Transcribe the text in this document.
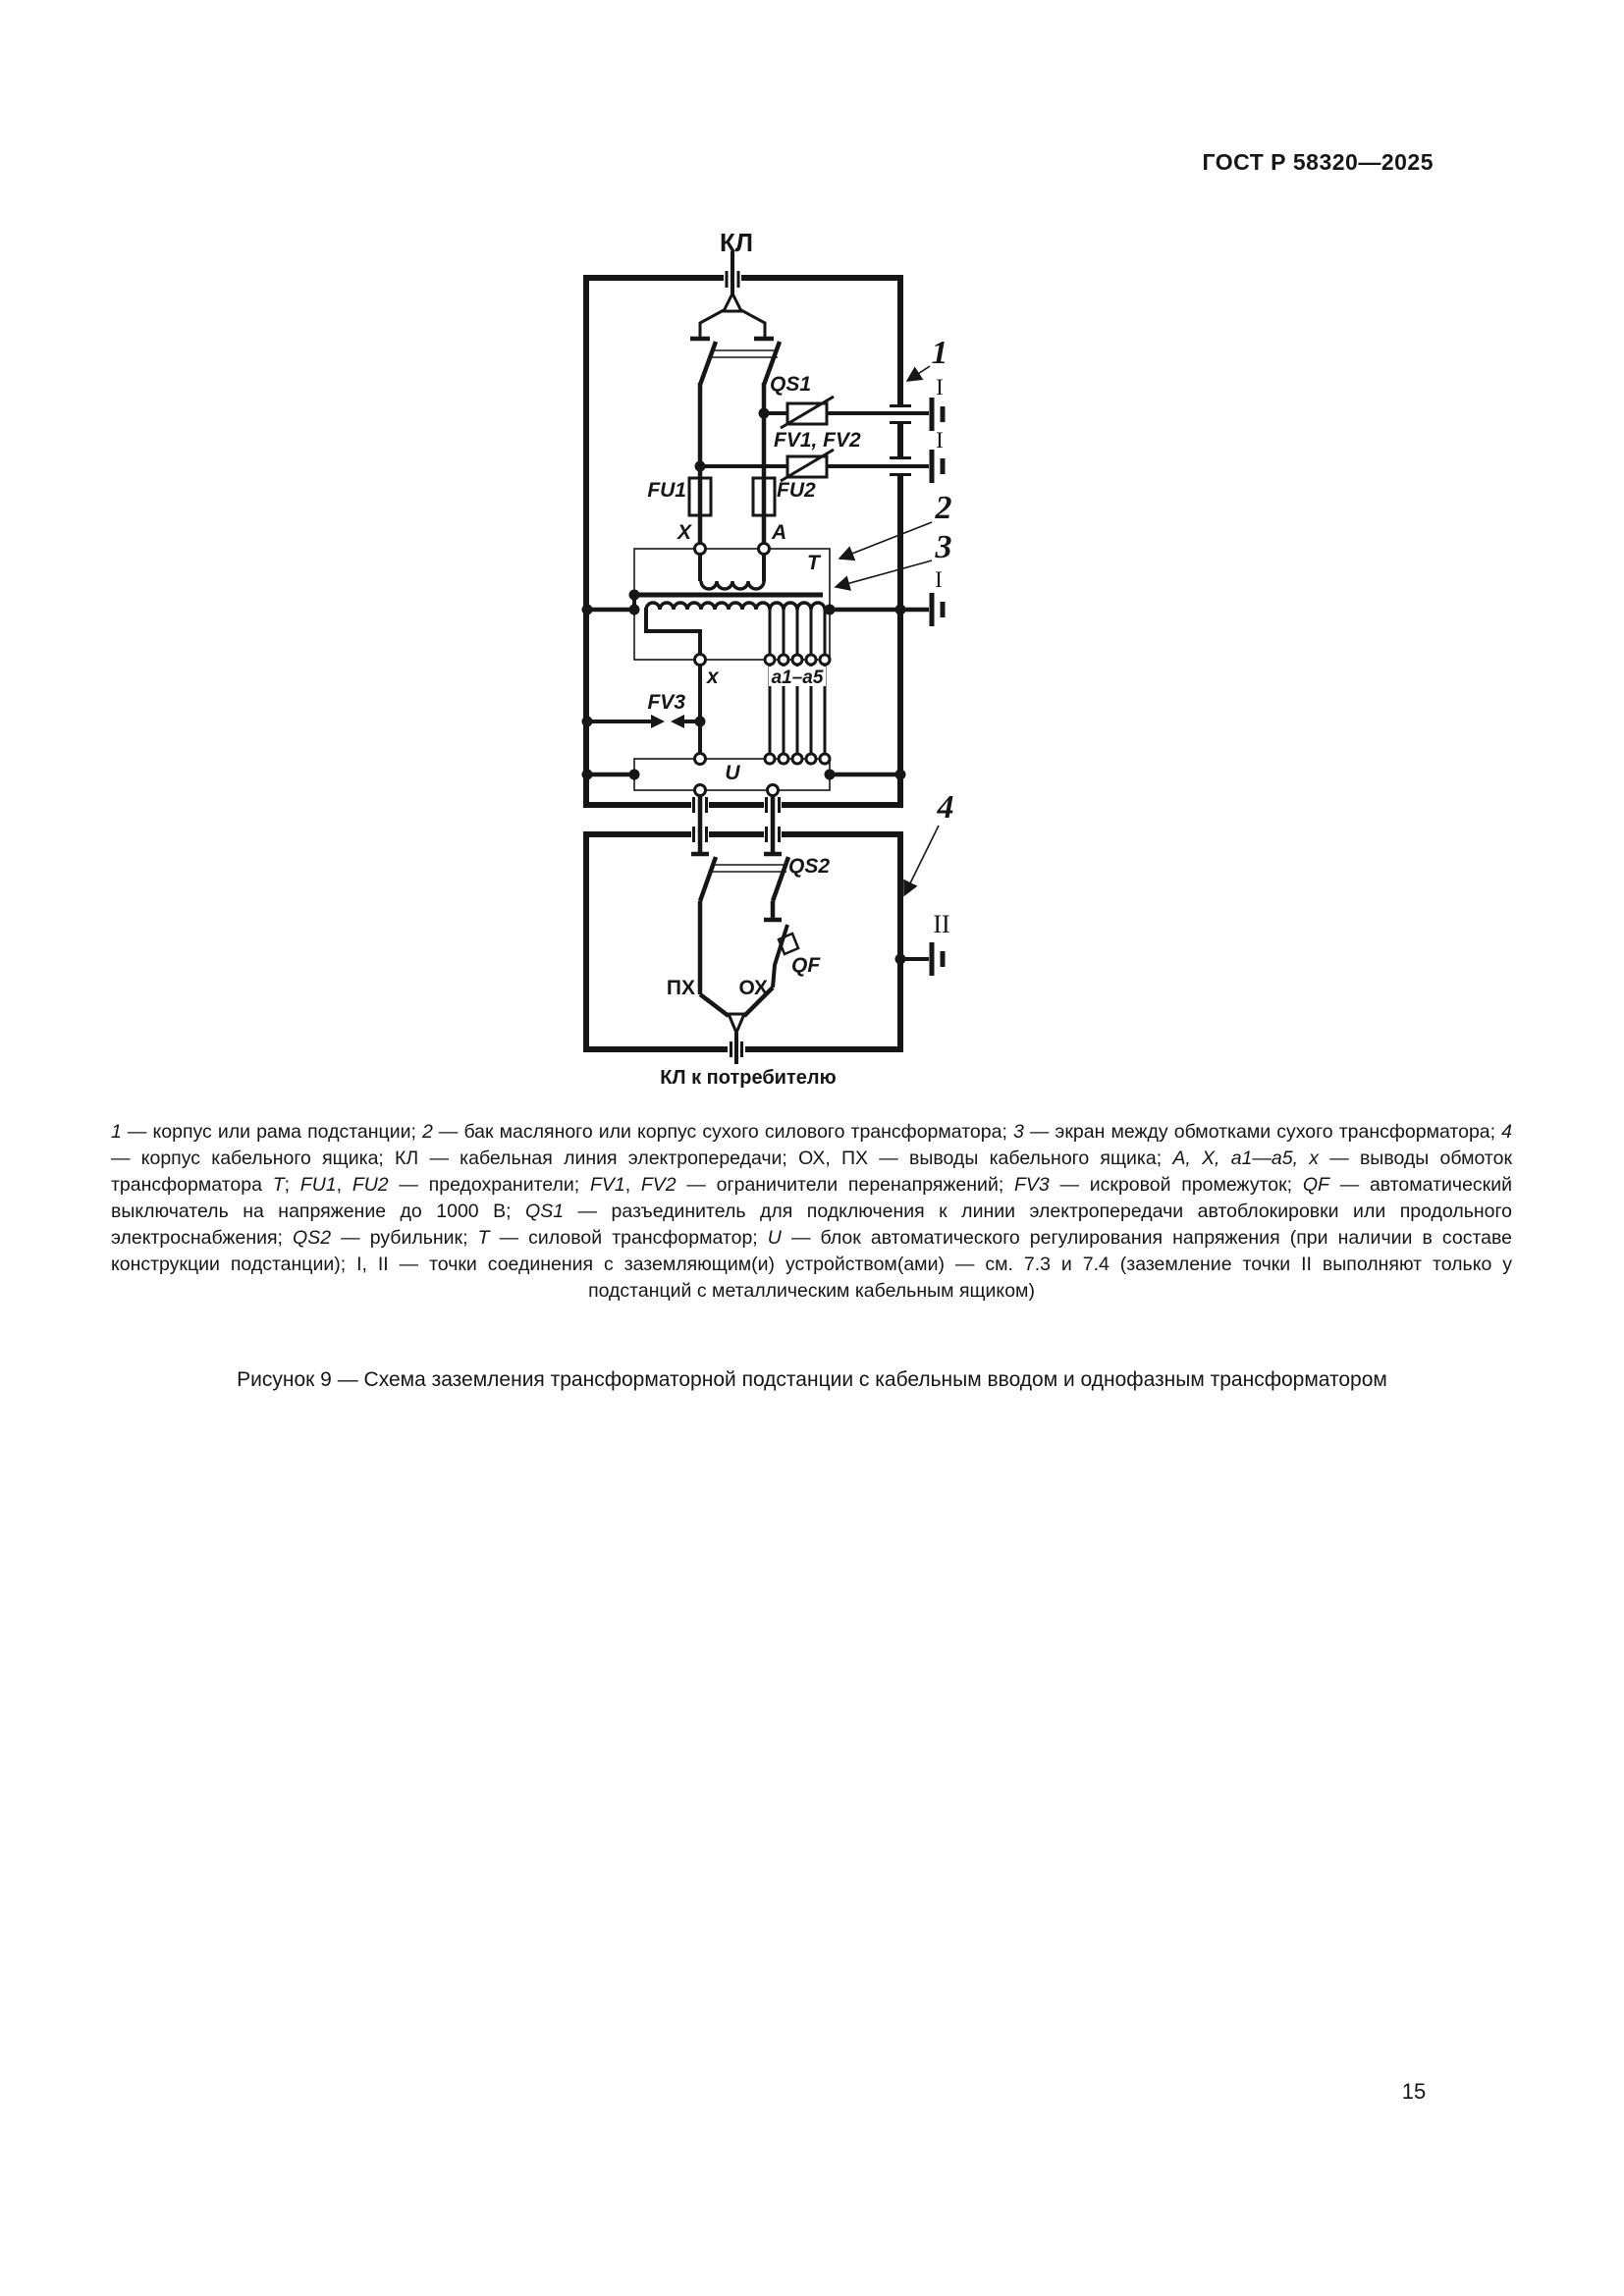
ГОСТ Р 58320—2025
КЛ
QS1
FV1, FV2
FU1	FU2
X	A
Т
а1–а5
x
FV3
U
QS2
QF
ПХ ОХ
КЛ к потребителю
1
2
3
4
I
I
I
II
1 — корпус или рама подстанции; 2 — бак масляного или корпус сухого силового трансформатора; 3 — экран между обмотками сухого трансформатора; 4 — корпус кабельного ящика; КЛ — кабельная линия электропередачи; ОХ, ПХ — выводы кабельного ящика; А, X, а1—а5, х — выводы обмоток трансформатора Т; FU1, FU2 — предохранители; FV1, FV2 — ограничители перенапряжений; FV3 — искровой промежуток; QF — автоматический выключатель на напряжение до 1000 В; QS1 — разъединитель для подключения к линии электропередачи автоблокировки или продольного электроснабжения; QS2 — рубильник; Т — силовой трансформатор; U — блок автоматического регулирования напряжения (при наличии в составе конструкции подстанции); I, II — точки соединения с заземляющим(и) устройством(ами) — см. 7.3 и 7.4 (заземление точки II выполняют только у подстанций с металлическим кабельным ящиком)
Рисунок 9 — Схема заземления трансформаторной подстанции с кабельным вводом и однофазным трансформатором
15
